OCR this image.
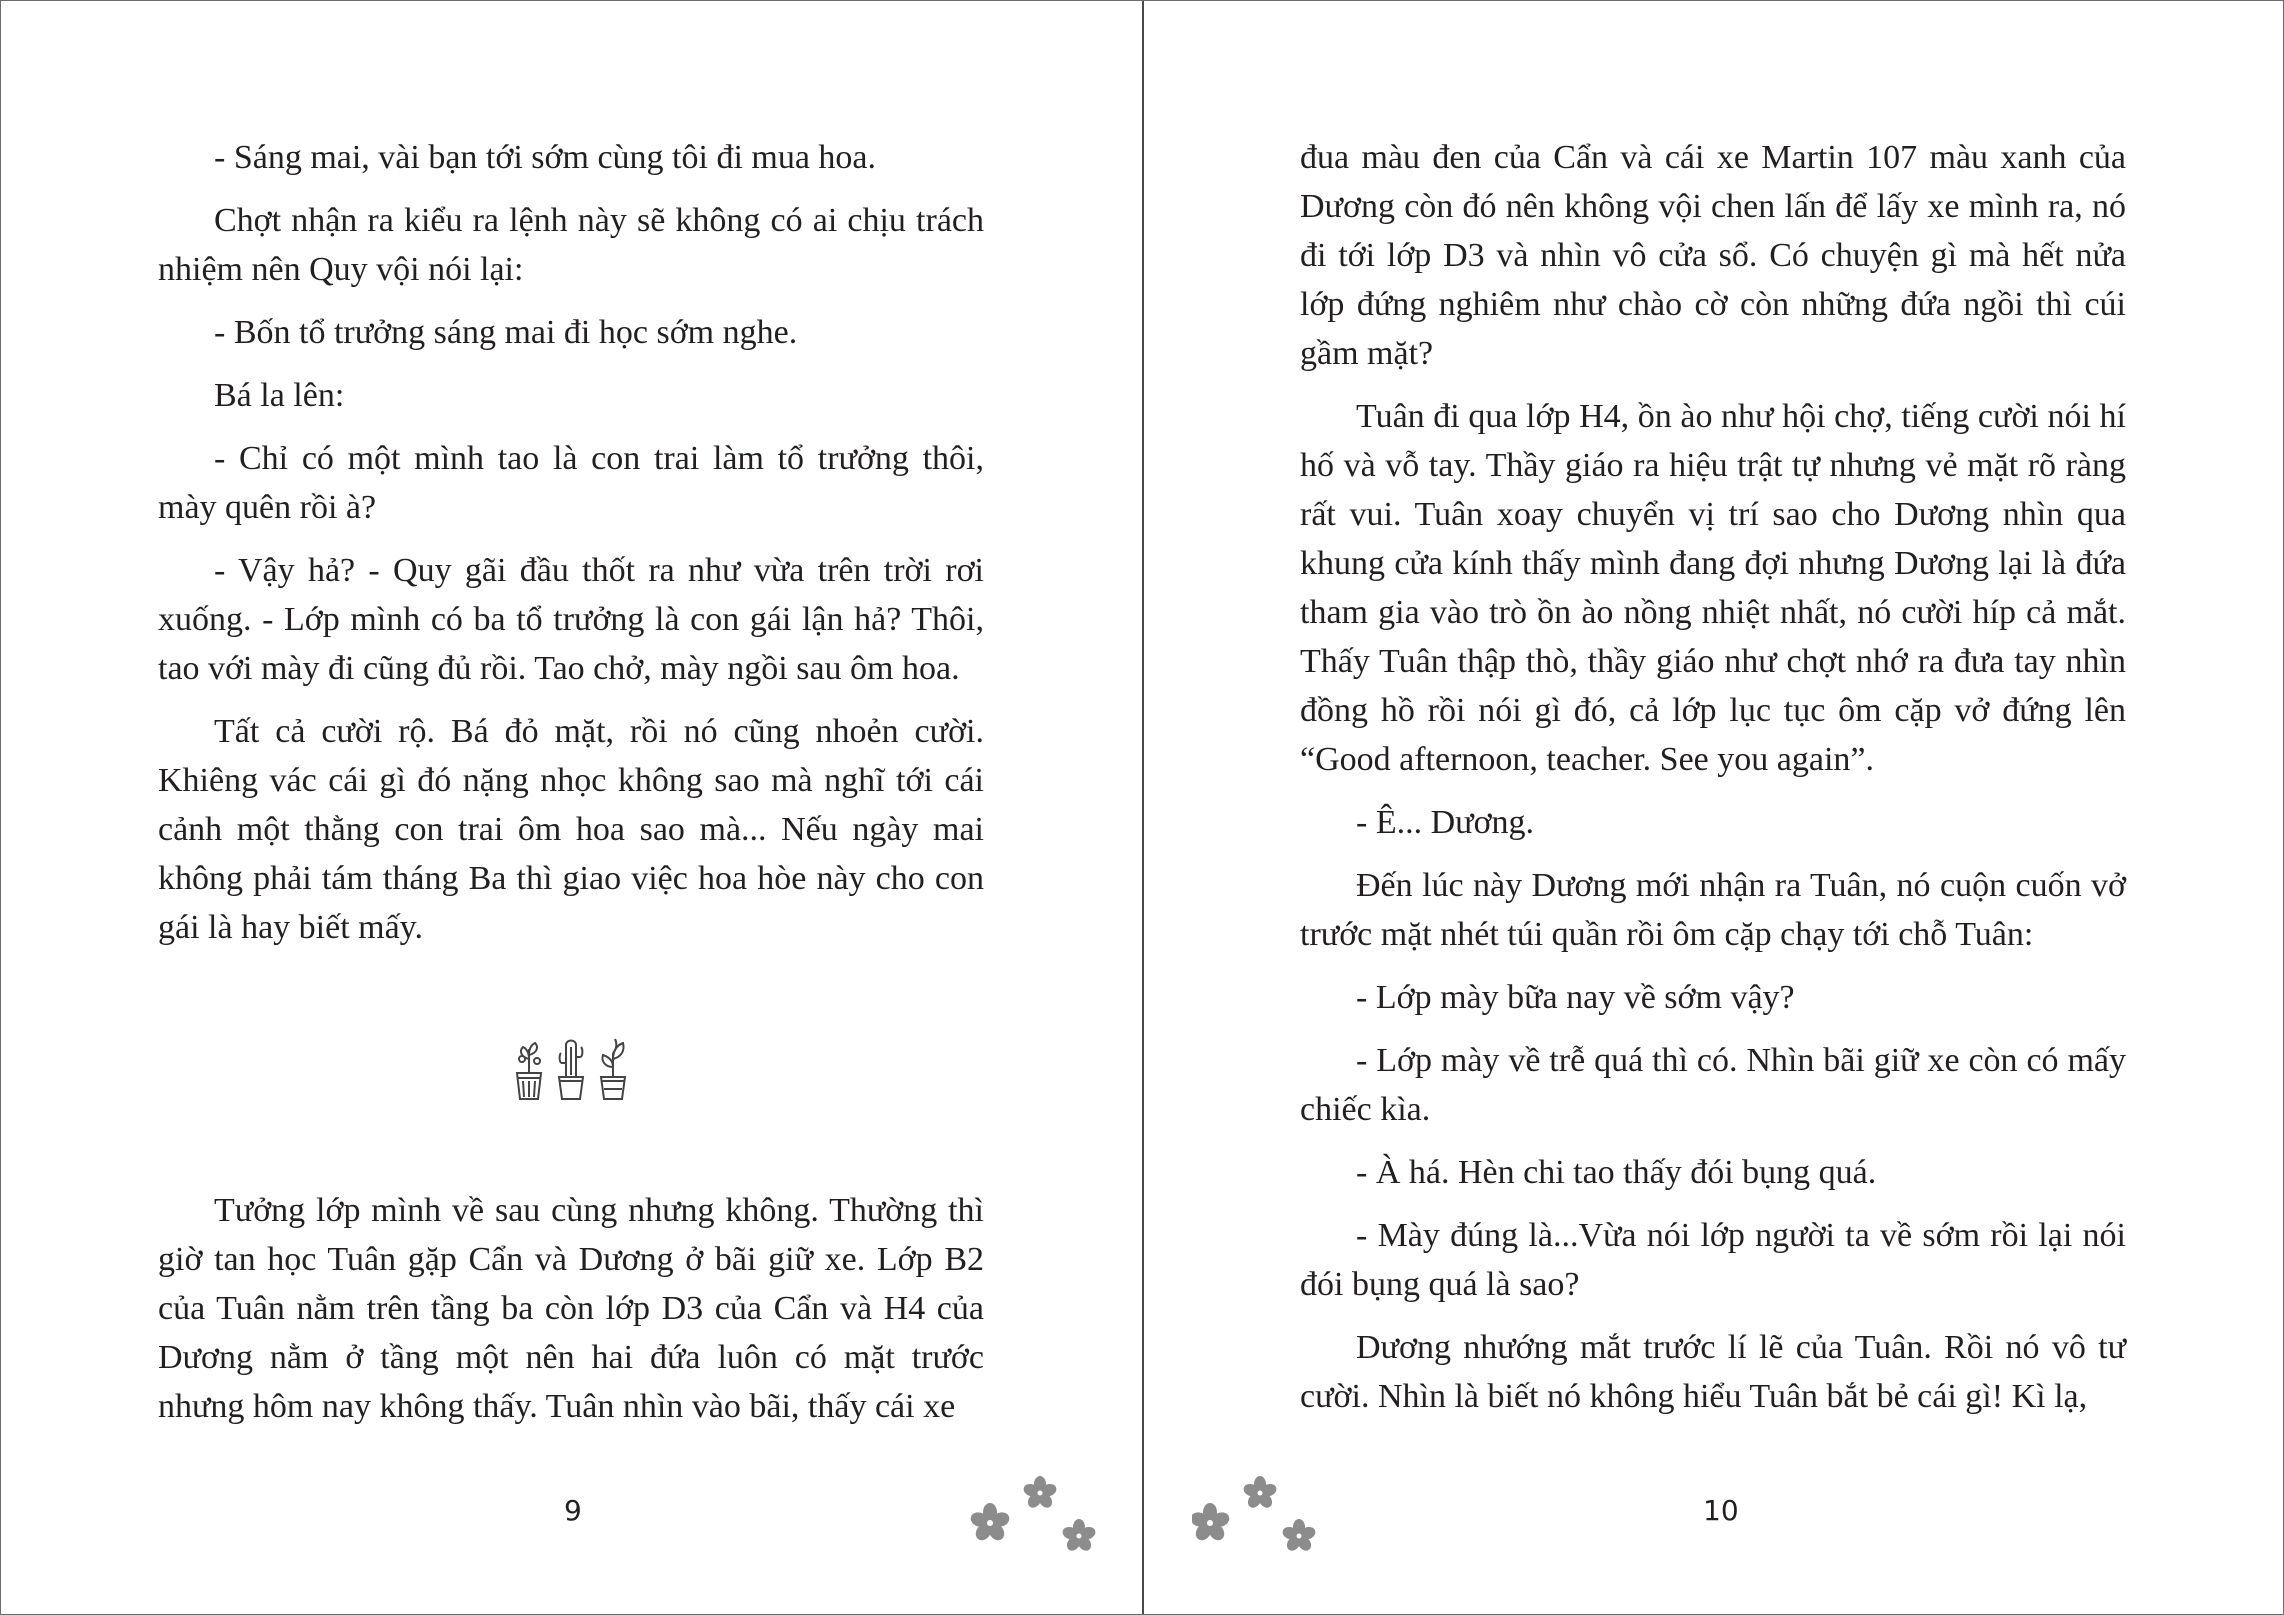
- Sáng mai, vài bạn tới sớm cùng tôi đi mua hoa.

Chợt nhận ra kiểu ra lệnh này sẽ không có ai chịu trách nhiệm nên Quy vội nói lại:

- Bốn tổ trưởng sáng mai đi học sớm nghe.

Bá la lên:

- Chỉ có một mình tao là con trai làm tổ trưởng thôi, mày quên rồi à?

- Vậy hả? - Quy gãi đầu thốt ra như vừa trên trời rơi xuống. - Lớp mình có ba tổ trưởng là con gái lận hả? Thôi, tao với mày đi cũng đủ rồi. Tao chở, mày ngồi sau ôm hoa.

Tất cả cười rộ. Bá đỏ mặt, rồi nó cũng nhoẻn cười. Khiêng vác cái gì đó nặng nhọc không sao mà nghĩ tới cái cảnh một thằng con trai ôm hoa sao mà... Nếu ngày mai không phải tám tháng Ba thì giao việc hoa hòe này cho con gái là hay biết mấy.

Tưởng lớp mình về sau cùng nhưng không. Thường thì giờ tan học Tuân gặp Cẩn và Dương ở bãi giữ xe. Lớp B2 của Tuân nằm trên tầng ba còn lớp D3 của Cẩn và H4 của Dương nằm ở tầng một nên hai đứa luôn có mặt trước nhưng hôm nay không thấy. Tuân nhìn vào bãi, thấy cái xe

9

đua màu đen của Cẩn và cái xe Martin 107 màu xanh của Dương còn đó nên không vội chen lấn để lấy xe mình ra, nó đi tới lớp D3 và nhìn vô cửa sổ. Có chuyện gì mà hết nửa lớp đứng nghiêm như chào cờ còn những đứa ngồi thì cúi gầm mặt?

Tuân đi qua lớp H4, ồn ào như hội chợ, tiếng cười nói hí hố và vỗ tay. Thầy giáo ra hiệu trật tự nhưng vẻ mặt rõ ràng rất vui. Tuân xoay chuyển vị trí sao cho Dương nhìn qua khung cửa kính thấy mình đang đợi nhưng Dương lại là đứa tham gia vào trò ồn ào nồng nhiệt nhất, nó cười híp cả mắt. Thấy Tuân thập thò, thầy giáo như chợt nhớ ra đưa tay nhìn đồng hồ rồi nói gì đó, cả lớp lục tục ôm cặp vở đứng lên “Good afternoon, teacher. See you again”.

- Ê... Dương.

Đến lúc này Dương mới nhận ra Tuân, nó cuộn cuốn vở trước mặt nhét túi quần rồi ôm cặp chạy tới chỗ Tuân:

- Lớp mày bữa nay về sớm vậy?

- Lớp mày về trễ quá thì có. Nhìn bãi giữ xe còn có mấy chiếc kìa.

- À há. Hèn chi tao thấy đói bụng quá.

- Mày đúng là...Vừa nói lớp người ta về sớm rồi lại nói đói bụng quá là sao?

Dương nhướng mắt trước lí lẽ của Tuân. Rồi nó vô tư cười. Nhìn là biết nó không hiểu Tuân bắt bẻ cái gì! Kì lạ,

10
